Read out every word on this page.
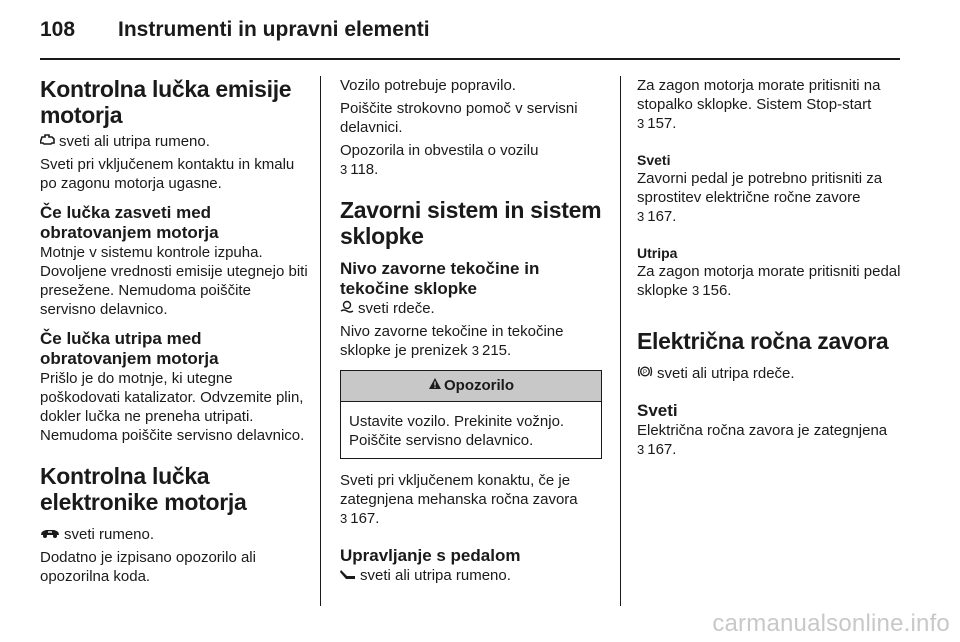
108 Instrumenti in upravni elementi
Kontrolna lučka emisije motorja

sveti ali utripa rumeno.

Sveti pri vključenem kontaktu in kmalu po zagonu motorja ugasne.

Če lučka zasveti med obratovanjem motorja

Motnje v sistemu kontrole izpuha. Dovoljene vrednosti emisije utegnejo biti presežene. Nemudoma poiščite servisno delavnico.

Če lučka utripa med obratovanjem motorja

Prišlo je do motnje, ki utegne poškodovati katalizator. Odvzemite plin, dokler lučka ne preneha utripati. Nemudoma poiščite servisno delavnico.

Kontrolna lučka elektronike motorja

sveti rumeno.

Dodatno je izpisano opozorilo ali opozorilna koda.

Vozilo potrebuje popravilo.

Poiščite strokovno pomoč v servisni delavnici.

Opozorila in obvestila o vozilu
3 118.

Zavorni sistem in sistem sklopke
Nivo zavorne tekočine in tekočine sklopke

sveti rdeče.

Nivo zavorne tekočine in tekočine sklopke je prenizek 3 215.

Opozorilo
Ustavite vozilo. Prekinite vožnjo. Poiščite servisno delavnico.

Sveti pri vključenem konaktu, če je zategnjena mehanska ročna zavora
3 167.

Upravljanje s pedalom

sveti ali utripa rumeno.

Za zagon motorja morate pritisniti na stopalko sklopke. Sistem Stop-start
3 157.

Sveti

Zavorni pedal je potrebno pritisniti za sprostitev električne ročne zavore
3 167.

Utripa

Za zagon motorja morate pritisniti pedal sklopke 3 156.

Električna ročna zavora

P sveti ali utripa rdeče.

Sveti

Električna ročna zavora je zategnjena
3 167.

carmanualsonline.info
